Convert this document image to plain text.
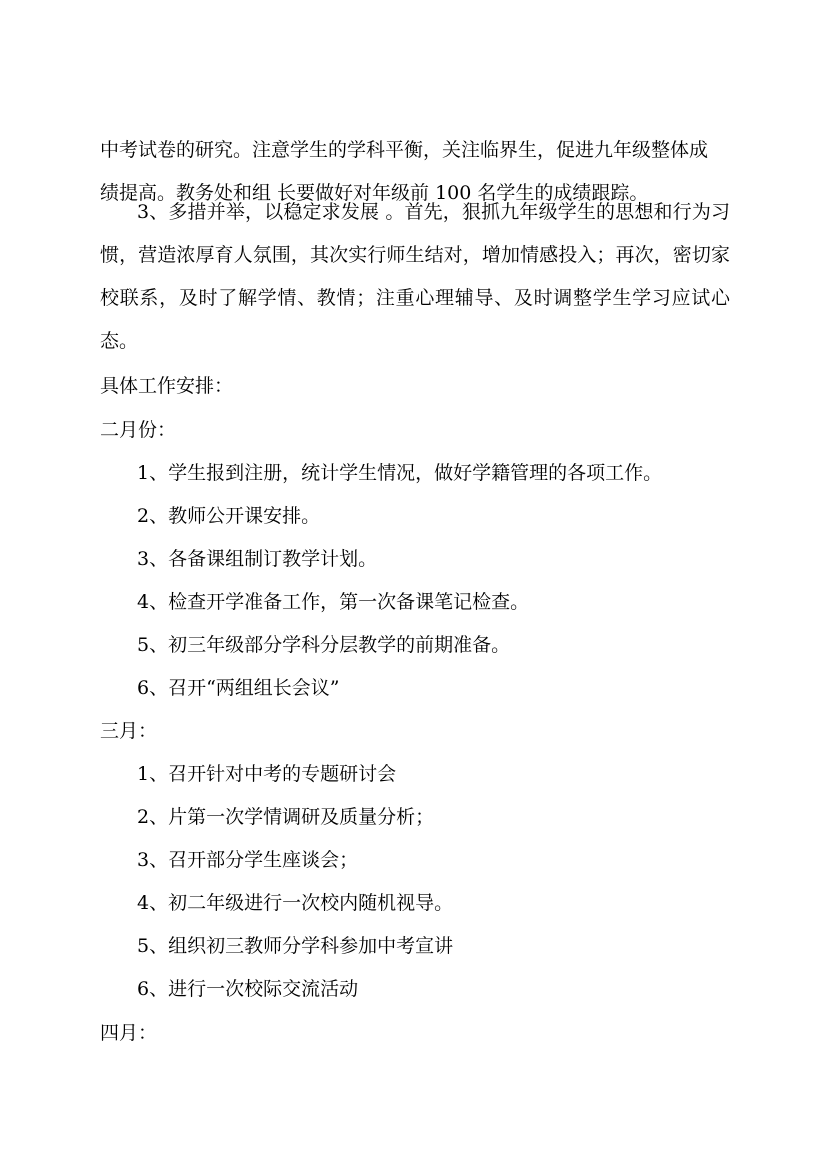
中考试卷的研究。注意学生的学科平衡，关注临界生，促进九年级整体成
绩提高。教务处和组 长要做好对年级前 100 名学生的成绩跟踪。
3、多措并举，以稳定求发展 。首先，狠抓九年级学生的思想和行为习惯，营造浓厚育人氛围，其次实行师生结对，增加情感投入；再次，密切家校联系，及时了解学情、教情；注重心理辅导、及时调整学生学习应试心态。
具体工作安排：
二月份：
1、学生报到注册，统计学生情况，做好学籍管理的各项工作。
2、教师公开课安排。
3、各备课组制订教学计划。
4、检查开学准备工作，第一次备课笔记检查。
5、初三年级部分学科分层教学的前期准备。
6、召开“两组组长会议”
三月：
1、召开针对中考的专题研讨会
2、片第一次学情调研及质量分析；
3、召开部分学生座谈会；
4、初二年级进行一次校内随机视导。
5、组织初三教师分学科参加中考宣讲
6、进行一次校际交流活动
四月：
